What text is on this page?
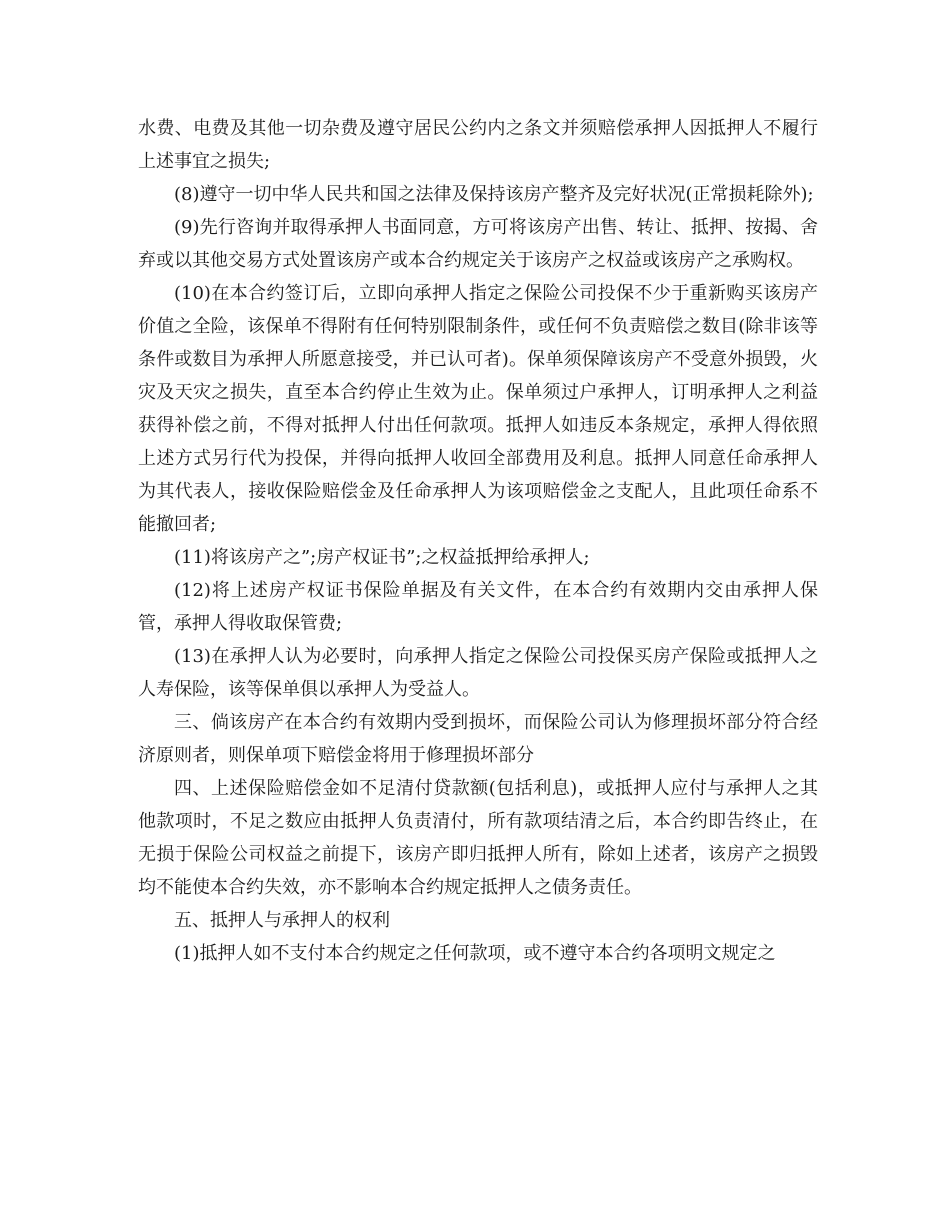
水费、电费及其他一切杂费及遵守居民公约内之条文并须赔偿承押人因抵押人不履行上述事宜之损失;

(8)遵守一切中华人民共和国之法律及保持该房产整齐及完好状况(正常损耗除外);

(9)先行咨询并取得承押人书面同意，方可将该房产出售、转让、抵押、按揭、舍弃或以其他交易方式处置该房产或本合约规定关于该房产之权益或该房产之承购权。

(10)在本合约签订后，立即向承押人指定之保险公司投保不少于重新购买该房产价值之全险，该保单不得附有任何特别限制条件，或任何不负责赔偿之数目(除非该等条件或数目为承押人所愿意接受，并已认可者)。保单须保障该房产不受意外损毁，火灾及天灾之损失，直至本合约停止生效为止。保单须过户承押人，订明承押人之利益获得补偿之前，不得对抵押人付出任何款项。抵押人如违反本条规定，承押人得依照上述方式另行代为投保，并得向抵押人收回全部费用及利息。抵押人同意任命承押人为其代表人，接收保险赔偿金及任命承押人为该项赔偿金之支配人，且此项任命系不能撤回者;

(11)将该房产之”;房产权证书”;之权益抵押给承押人;

(12)将上述房产权证书保险单据及有关文件，在本合约有效期内交由承押人保管，承押人得收取保管费;

(13)在承押人认为必要时，向承押人指定之保险公司投保买房产保险或抵押人之人寿保险，该等保单俱以承押人为受益人。

三、倘该房产在本合约有效期内受到损坏，而保险公司认为修理损坏部分符合经济原则者，则保单项下赔偿金将用于修理损坏部分

四、上述保险赔偿金如不足清付贷款额(包括利息)，或抵押人应付与承押人之其他款项时，不足之数应由抵押人负责清付，所有款项结清之后，本合约即告终止，在无损于保险公司权益之前提下，该房产即归抵押人所有，除如上述者，该房产之损毁均不能使本合约失效，亦不影响本合约规定抵押人之债务责任。

五、抵押人与承押人的权利

(1)抵押人如不支付本合约规定之任何款项，或不遵守本合约各项明文规定之
